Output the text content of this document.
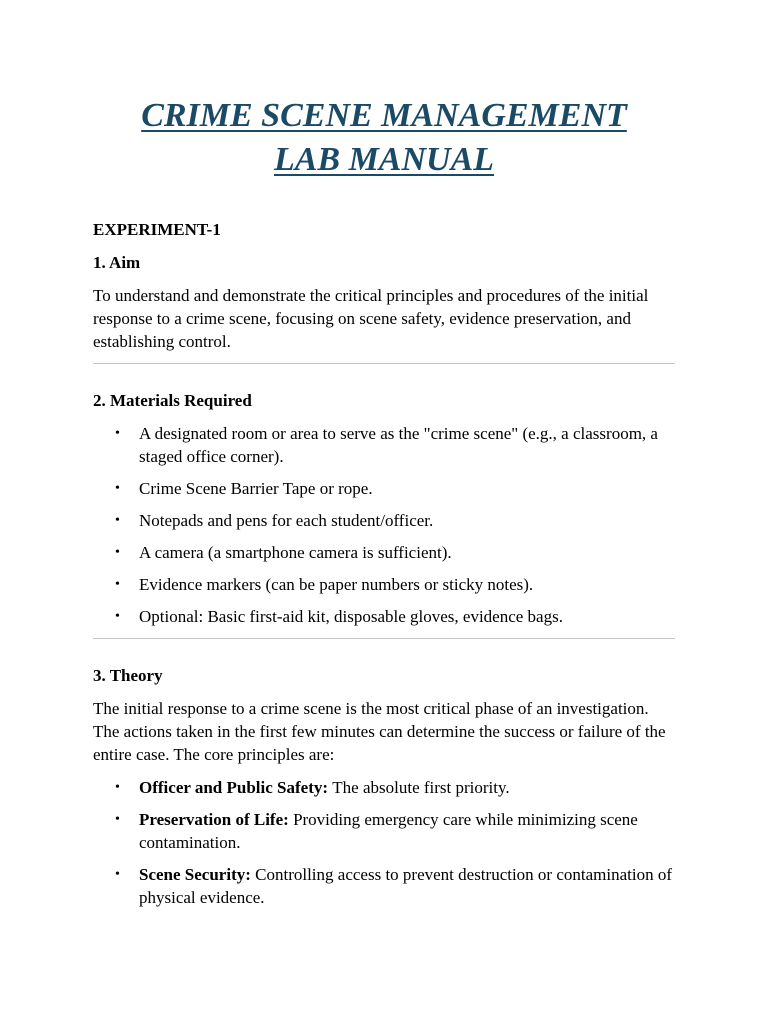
CRIME SCENE MANAGEMENT
LAB MANUAL

EXPERIMENT-1

1. Aim

To understand and demonstrate the critical principles and procedures of the initial response to a crime scene, focusing on scene safety, evidence preservation, and establishing control.

2. Materials Required

• A designated room or area to serve as the "crime scene" (e.g., a classroom, a staged office corner).
• Crime Scene Barrier Tape or rope.
• Notepads and pens for each student/officer.
• A camera (a smartphone camera is sufficient).
• Evidence markers (can be paper numbers or sticky notes).
• Optional: Basic first-aid kit, disposable gloves, evidence bags.

3. Theory

The initial response to a crime scene is the most critical phase of an investigation. The actions taken in the first few minutes can determine the success or failure of the entire case. The core principles are:

• Officer and Public Safety: The absolute first priority.
• Preservation of Life: Providing emergency care while minimizing scene contamination.
• Scene Security: Controlling access to prevent destruction or contamination of physical evidence.
